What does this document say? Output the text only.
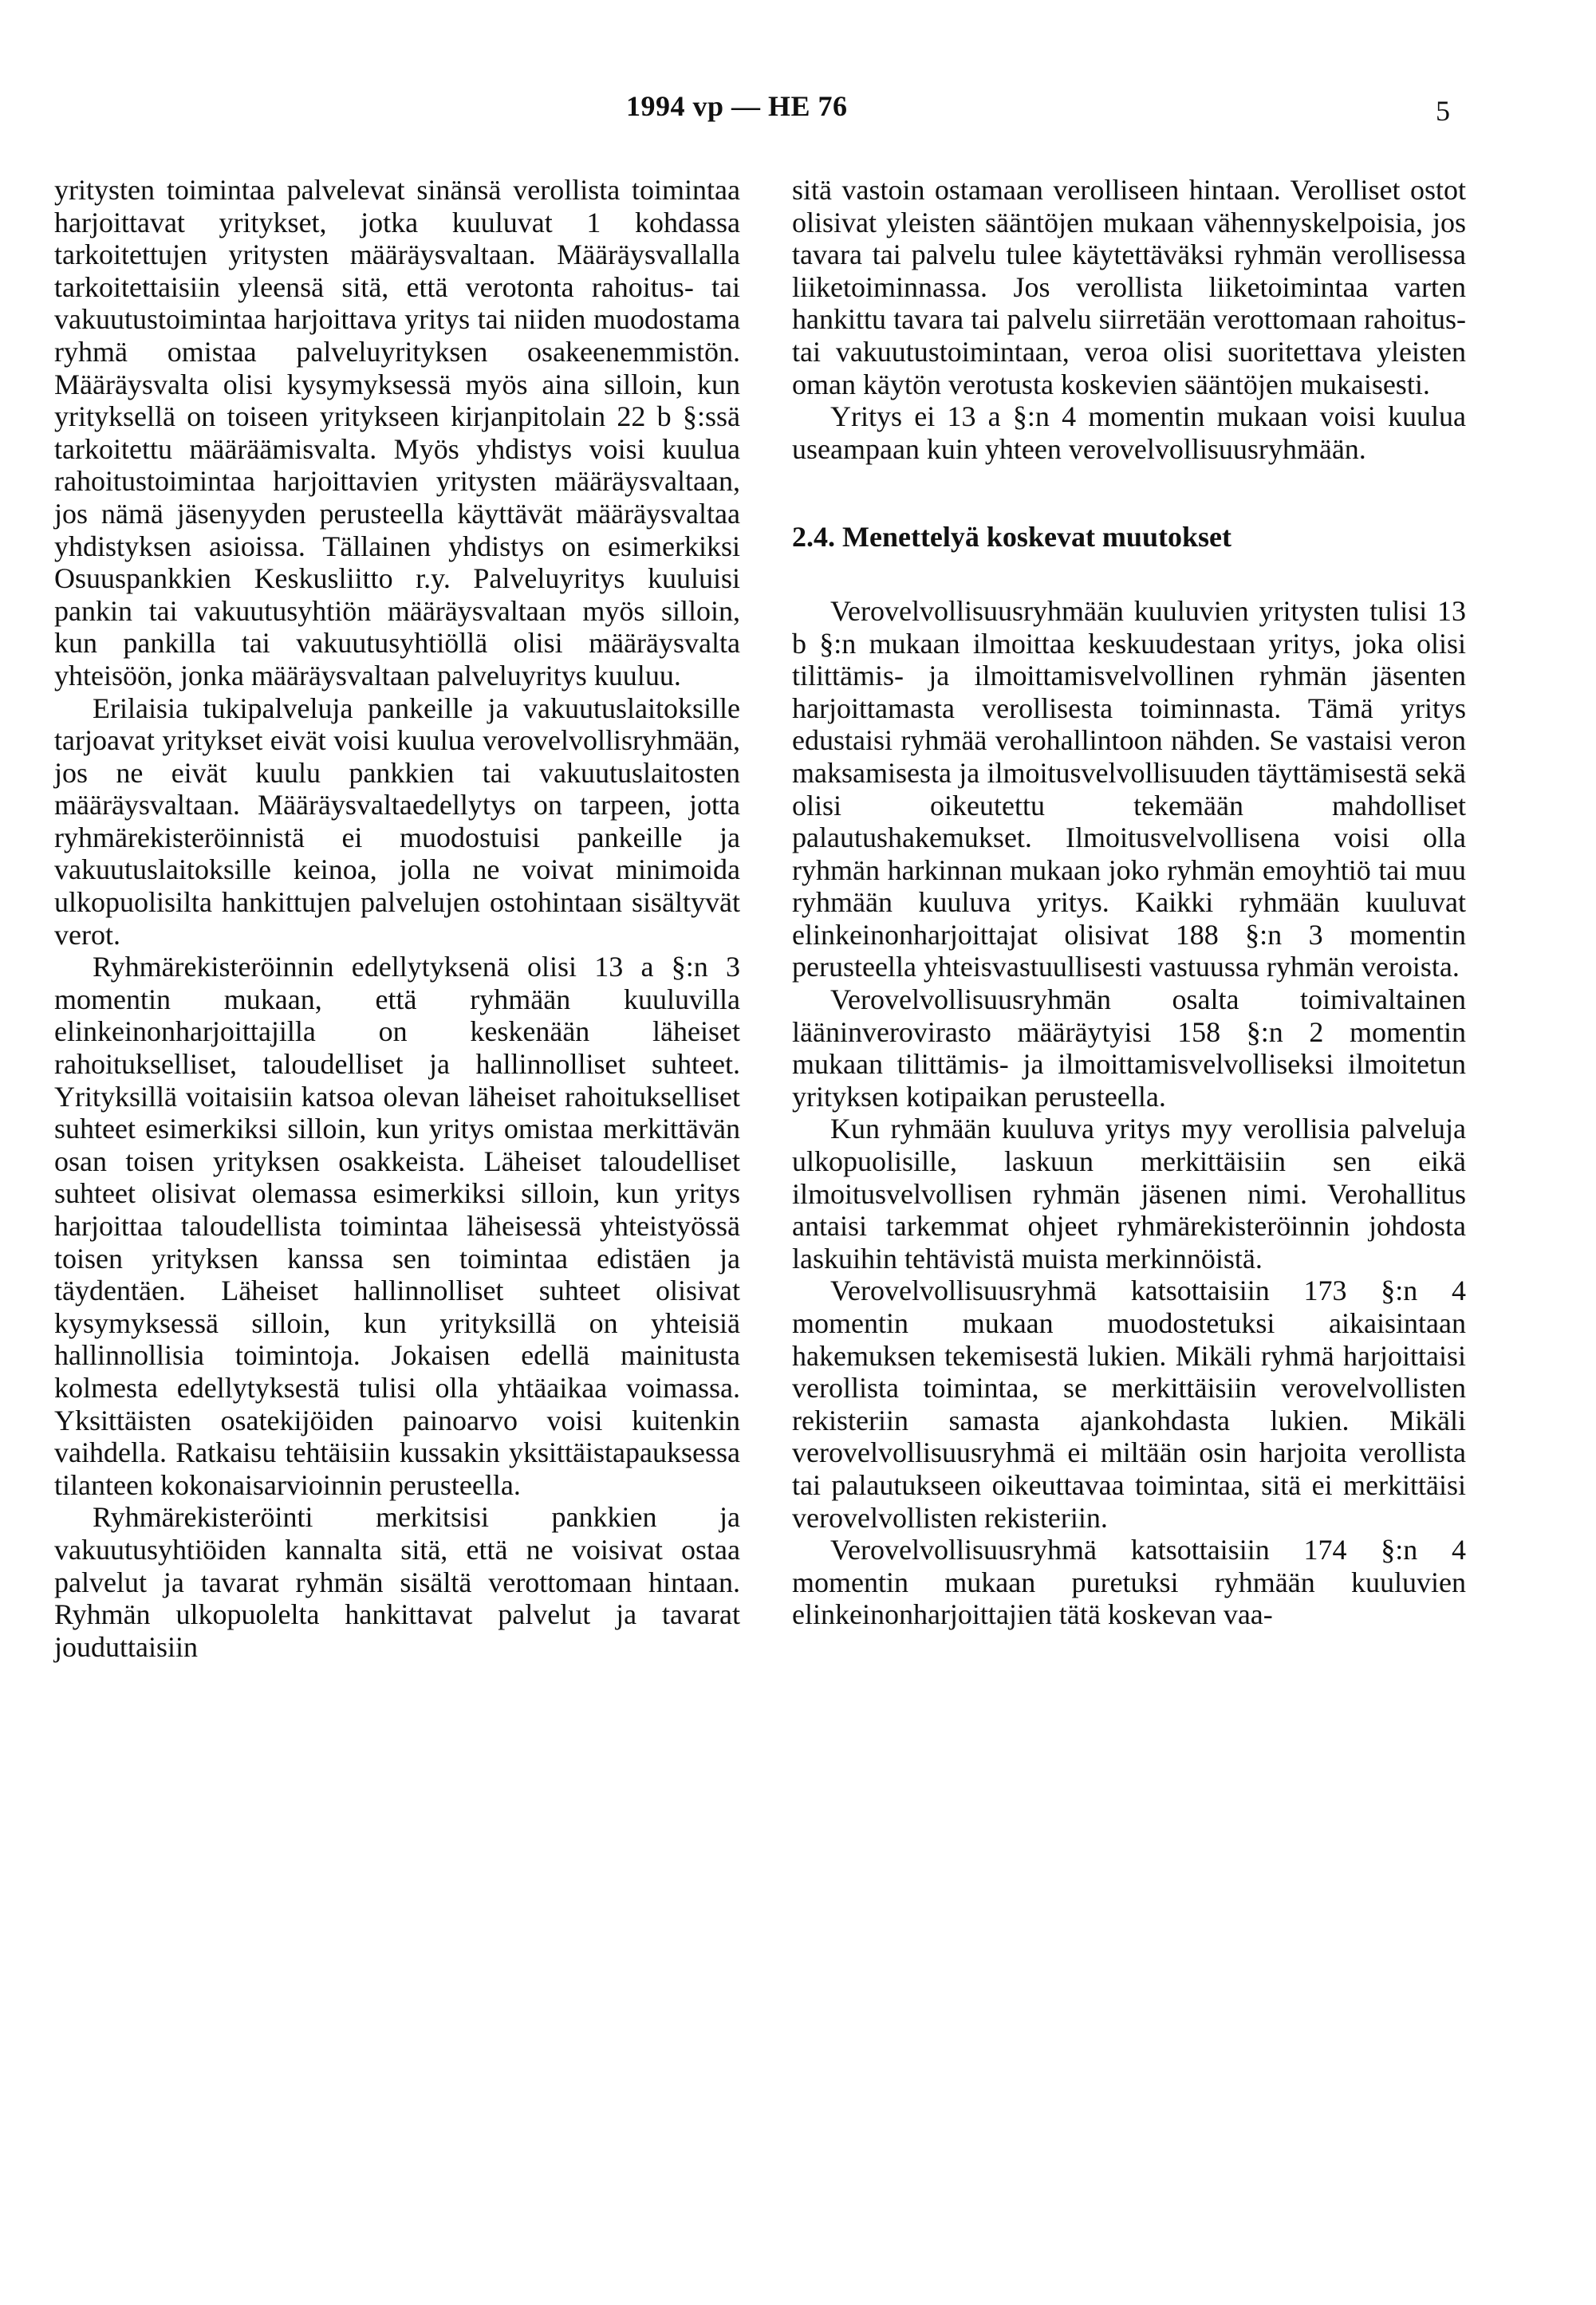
1994 vp — HE 76	5

yritysten toimintaa palvelevat sinänsä verollista toimintaa harjoittavat yritykset, jotka kuuluvat 1 kohdassa tarkoitettujen yritysten määräysvaltaan. Määräysvallalla tarkoitettaisiin yleensä sitä, että verotonta rahoitus- tai vakuutustoimintaa harjoittava yritys tai niiden muodostama ryhmä omistaa palveluyrityksen osakeenemmistön. Määräysvalta olisi kysymyksessä myös aina silloin, kun yrityksellä on toiseen yritykseen kirjanpitolain 22 b §:ssä tarkoitettu määräämisvalta. Myös yhdistys voisi kuulua rahoitustoimintaa harjoittavien yritysten määräysvaltaan, jos nämä jäsenyyden perusteella käyttävät määräysvaltaa yhdistyksen asioissa. Tällainen yhdistys on esimerkiksi Osuuspankkien Keskusliitto r.y. Palveluyritys kuuluisi pankin tai vakuutusyhtiön määräysvaltaan myös silloin, kun pankilla tai vakuutusyhtiöllä olisi määräysvalta yhteisöön, jonka määräysvaltaan palveluyritys kuuluu.

Erilaisia tukipalveluja pankeille ja vakuutuslaitoksille tarjoavat yritykset eivät voisi kuulua verovelvollisryhmään, jos ne eivät kuulu pankkien tai vakuutuslaitosten määräysvaltaan. Määräysvaltaedellytys on tarpeen, jotta ryhmärekisteröinnistä ei muodostuisi pankeille ja vakuutuslaitoksille keinoa, jolla ne voivat minimoida ulkopuolisilta hankittujen palvelujen ostohintaan sisältyvät verot.

Ryhmärekisteröinnin edellytyksenä olisi 13 a §:n 3 momentin mukaan, että ryhmään kuuluvilla elinkeinonharjoittajilla on keskenään läheiset rahoitukselliset, taloudelliset ja hallinnolliset suhteet. Yrityksillä voitaisiin katsoa olevan läheiset rahoitukselliset suhteet esimerkiksi silloin, kun yritys omistaa merkittävän osan toisen yrityksen osakkeista. Läheiset taloudelliset suhteet olisivat olemassa esimerkiksi silloin, kun yritys harjoittaa taloudellista toimintaa läheisessä yhteistyössä toisen yrityksen kanssa sen toimintaa edistäen ja täydentäen. Läheiset hallinnolliset suhteet olisivat kysymyksessä silloin, kun yrityksillä on yhteisiä hallinnollisia toimintoja. Jokaisen edellä mainitusta kolmesta edellytyksestä tulisi olla yhtäaikaa voimassa. Yksittäisten osatekijöiden painoarvo voisi kuitenkin vaihdella. Ratkaisu tehtäisiin kussakin yksittäistapauksessa tilanteen kokonaisarvioinnin perusteella.

Ryhmärekisteröinti merkitsisi pankkien ja vakuutusyhtiöiden kannalta sitä, että ne voisivat ostaa palvelut ja tavarat ryhmän sisältä verottomaan hintaan. Ryhmän ulkopuolelta hankittavat palvelut ja tavarat jouduttaisiin

sitä vastoin ostamaan verolliseen hintaan. Verolliset ostot olisivat yleisten sääntöjen mukaan vähennyskelpoisia, jos tavara tai palvelu tulee käytettäväksi ryhmän verollisessa liiketoiminnassa. Jos verollista liiketoimintaa varten hankittu tavara tai palvelu siirretään verottomaan rahoitus- tai vakuutustoimintaan, veroa olisi suoritettava yleisten oman käytön verotusta koskevien sääntöjen mukaisesti.

Yritys ei 13 a §:n 4 momentin mukaan voisi kuulua useampaan kuin yhteen verovelvollisuusryhmään.

2.4. Menettelyä koskevat muutokset

Verovelvollisuusryhmään kuuluvien yritysten tulisi 13 b §:n mukaan ilmoittaa keskuudestaan yritys, joka olisi tilittämis- ja ilmoittamisvelvollinen ryhmän jäsenten harjoittamasta verollisesta toiminnasta. Tämä yritys edustaisi ryhmää verohallintoon nähden. Se vastaisi veron maksamisesta ja ilmoitusvelvollisuuden täyttämisestä sekä olisi oikeutettu tekemään mahdolliset palautushakemukset. Ilmoitusvelvollisena voisi olla ryhmän harkinnan mukaan joko ryhmän emoyhtiö tai muu ryhmään kuuluva yritys. Kaikki ryhmään kuuluvat elinkeinonharjoittajat olisivat 188 §:n 3 momentin perusteella yhteisvastuullisesti vastuussa ryhmän veroista.

Verovelvollisuusryhmän osalta toimivaltainen lääninverovirasto määräytyisi 158 §:n 2 momentin mukaan tilittämis- ja ilmoittamisvelvolliseksi ilmoitetun yrityksen kotipaikan perusteella.

Kun ryhmään kuuluva yritys myy verollisia palveluja ulkopuolisille, laskuun merkittäisiin sen eikä ilmoitusvelvollisen ryhmän jäsenen nimi. Verohallitus antaisi tarkemmat ohjeet ryhmärekisteröinnin johdosta laskuihin tehtävistä muista merkinnöistä.

Verovelvollisuusryhmä katsottaisiin 173 §:n 4 momentin mukaan muodostetuksi aikaisintaan hakemuksen tekemisestä lukien. Mikäli ryhmä harjoittaisi verollista toimintaa, se merkittäisiin verovelvollisten rekisteriin samasta ajankohdasta lukien. Mikäli verovelvollisuusryhmä ei miltään osin harjoita verollista tai palautukseen oikeuttavaa toimintaa, sitä ei merkittäisi verovelvollisten rekisteriin.

Verovelvollisuusryhmä katsottaisiin 174 §:n 4 momentin mukaan puretuksi ryhmään kuuluvien elinkeinonharjoittajien tätä koskevan vaa-
